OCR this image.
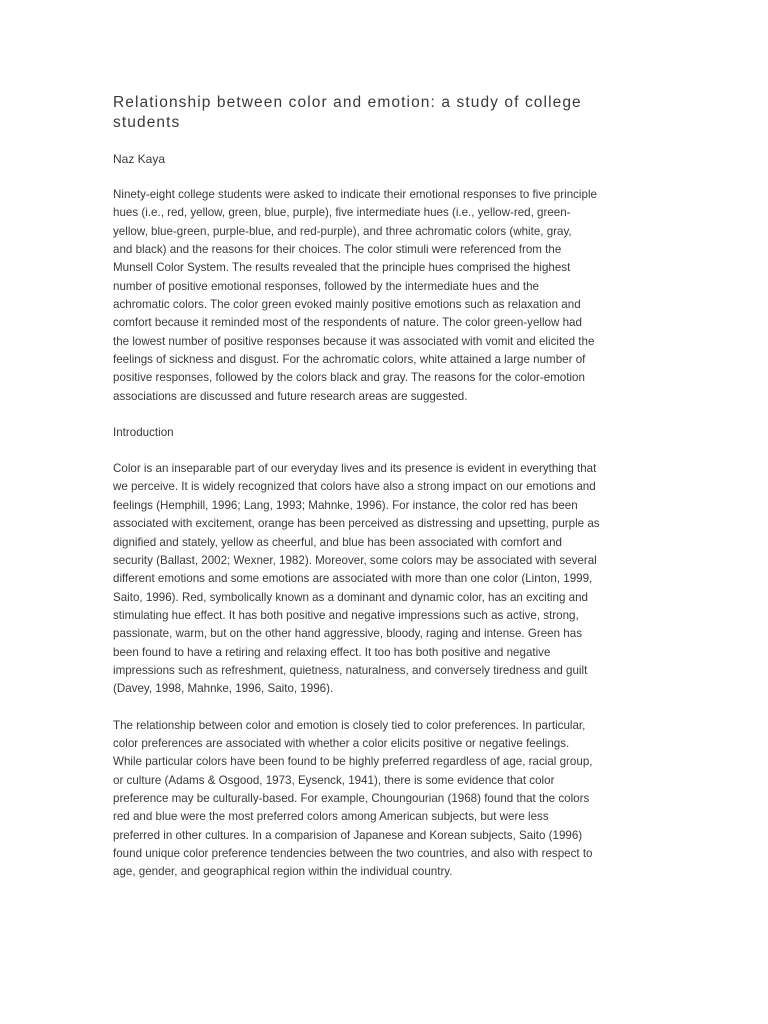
Relationship between color and emotion: a study of college students
Naz Kaya
Ninety-eight college students were asked to indicate their emotional responses to five principle
hues (i.e., red, yellow, green, blue, purple), five intermediate hues (i.e., yellow-red, green-
yellow, blue-green, purple-blue, and red-purple), and three achromatic colors (white, gray,
and black) and the reasons for their choices. The color stimuli were referenced from the
Munsell Color System. The results revealed that the principle hues comprised the highest
number of positive emotional responses, followed by the intermediate hues and the
achromatic colors. The color green evoked mainly positive emotions such as relaxation and
comfort because it reminded most of the respondents of nature. The color green-yellow had
the lowest number of positive responses because it was associated with vomit and elicited the
feelings of sickness and disgust. For the achromatic colors, white attained a large number of
positive responses, followed by the colors black and gray. The reasons for the color-emotion
associations are discussed and future research areas are suggested.
Introduction
Color is an inseparable part of our everyday lives and its presence is evident in everything that
we perceive. It is widely recognized that colors have also a strong impact on our emotions and
feelings (Hemphill, 1996; Lang, 1993; Mahnke, 1996). For instance, the color red has been
associated with excitement, orange has been perceived as distressing and upsetting, purple as
dignified and stately, yellow as cheerful, and blue has been associated with comfort and
security (Ballast, 2002; Wexner, 1982). Moreover, some colors may be associated with several
different emotions and some emotions are associated with more than one color (Linton, 1999,
Saito, 1996). Red, symbolically known as a dominant and dynamic color, has an exciting and
stimulating hue effect. It has both positive and negative impressions such as active, strong,
passionate, warm, but on the other hand aggressive, bloody, raging and intense. Green has
been found to have a retiring and relaxing effect. It too has both positive and negative
impressions such as refreshment, quietness, naturalness, and conversely tiredness and guilt
(Davey, 1998, Mahnke, 1996, Saito, 1996).
The relationship between color and emotion is closely tied to color preferences. In particular,
color preferences are associated with whether a color elicits positive or negative feelings.
While particular colors have been found to be highly preferred regardless of age, racial group,
or culture (Adams & Osgood, 1973, Eysenck, 1941), there is some evidence that color
preference may be culturally-based. For example, Choungourian (1968) found that the colors
red and blue were the most preferred colors among American subjects, but were less
preferred in other cultures. In a comparision of Japanese and Korean subjects, Saito (1996)
found unique color preference tendencies between the two countries, and also with respect to
age, gender, and geographical region within the individual country.
